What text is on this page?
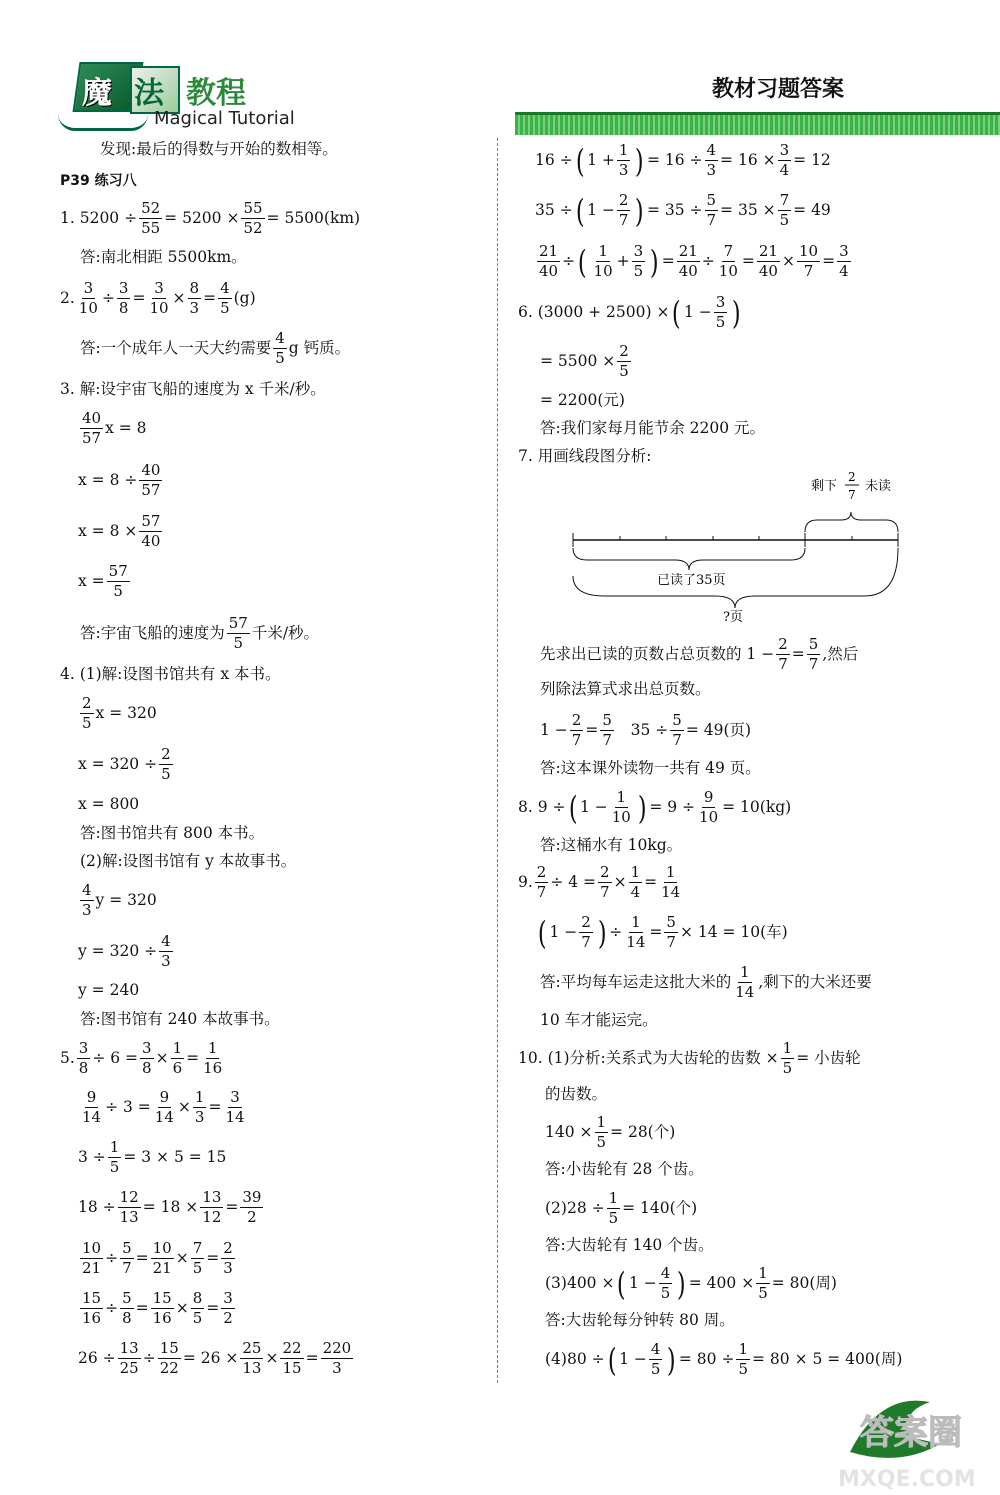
魔 法 教程
Magical Tutorial
教材习题答案
发现:最后的得数与开始的数相等。
P39 练习八
1. $5200 \div \frac{52}{55} = 5200 \times \frac{55}{52} = 5500(km)$
答:南北相距 5500km。
2. $\frac{3}{10} \div \frac{3}{8} = \frac{3}{10} \times \frac{8}{3} = \frac{4}{5} (g)$
答: 一个成年人一天大约需要 $\frac{4}{5}$ g 钙质。
3. 解:设宇宙飞船的速度为 x 千米/秒。
$\frac{40}{57}$ x = 8
$x = 8 \div \frac{40}{57}$
$x = 8 \times \frac{57}{40}$
$x = \frac{57}{5}$
答:宇宙飞船的速度为 $\frac{57}{5}$ 千米/秒。
4. (1)解:设图书馆共有 x 本书。
$\frac{2}{5}$ x = 320
$x = 320 \div \frac{2}{5}$
x = 800
答:图书馆共有 800 本书。
(2)解:设图书馆有 y 本故事书。
$\frac{4}{3}$ y = 320
$y = 320 \div \frac{4}{3}$
y = 240
答:图书馆有 240 本故事书。
5. $\frac{3}{8} \div 6 = \frac{3}{8} \times \frac{1}{6} = \frac{1}{16}$
$\frac{9}{14} \div 3 = \frac{9}{14} \times \frac{1}{3} = \frac{3}{14}$
$3 \div \frac{1}{5} = 3 \times 5 = 15$
$18 \div \frac{12}{13} = 18 \times \frac{13}{12} = \frac{39}{2}$
$\frac{10}{21} \div \frac{5}{7} = \frac{10}{21} \times \frac{7}{5} = \frac{2}{3}$
$\frac{15}{16} \div \frac{5}{8} = \frac{15}{16} \times \frac{8}{5} = \frac{3}{2}$
$26 \div \frac{13}{25} \div \frac{15}{22} = 26 \times \frac{25}{13} \times \frac{22}{15} = \frac{220}{3}$
16 ÷ ( $1 + \frac{1}{3}$ ) = $16 \div \frac{4}{3} = 16 \times \frac{3}{4} = 12$
35 ÷ ( $1 - \frac{2}{7}$ ) = $35 \div \frac{5}{7} = 35 \times \frac{7}{5} = 49$
$\frac{21}{40}$ ÷ ( $\frac{1}{10} + \frac{3}{5}$ ) = $\frac{21}{40} \div \frac{7}{10} = \frac{21}{40} \times \frac{10}{7} = \frac{3}{4}$
6. (3000 + 2500) × ( $1 - \frac{3}{5}$ )
= $5500 \times \frac{2}{5}$
= 2200(元)
答:我们家每月能节余 2200 元。
7. 用画线段图分析:
剩下
2
7
未读
已读了35页
?页
先求出已读的页数占总页数的 $1 - \frac{2}{7} = \frac{5}{7}$ ,然后
列除法算式求出总页数。
$1 - \frac{2}{7} = \frac{5}{7} 35 \div \frac{5}{7} = 49$(页)
答:这本课外读物一共有 49 页。
8. 9 ÷ ( $1 - \frac{1}{10}$ ) = $9 \div \frac{9}{10} = 10(kg)$
答:这桶水有 10kg。
9. $\frac{2}{7} \div 4 = \frac{2}{7} \times \frac{1}{4} = \frac{1}{14}$
( $1 - \frac{2}{7}$ ) ÷ $\frac{1}{14} = \frac{5}{7} \times 14 = 10$(车)
答:平均每车运走这批大米的 $\frac{1}{14}$ ,剩下的大米还要
10 车才能运完。
10. (1)分析:关系式为大齿轮的齿数 × $\frac{1}{5}$ = 小齿轮
的齿数。
$140 \times \frac{1}{5} = 28$(个)
答:小齿轮有 28 个齿。
$(2)28 \div \frac{1}{5} = 140$(个)
答:大齿轮有 140 个齿。
(3)400 × ( $1 - \frac{4}{5}$ ) = $400 \times \frac{1}{5} = 80$(周)
答:大齿轮每分钟转 80 周。
(4)80 ÷ ( $1 - \frac{4}{5}$ ) = $80 \div \frac{1}{5} = 80 \times 5 = 400$(周)
答案圈
MXQE.COM
